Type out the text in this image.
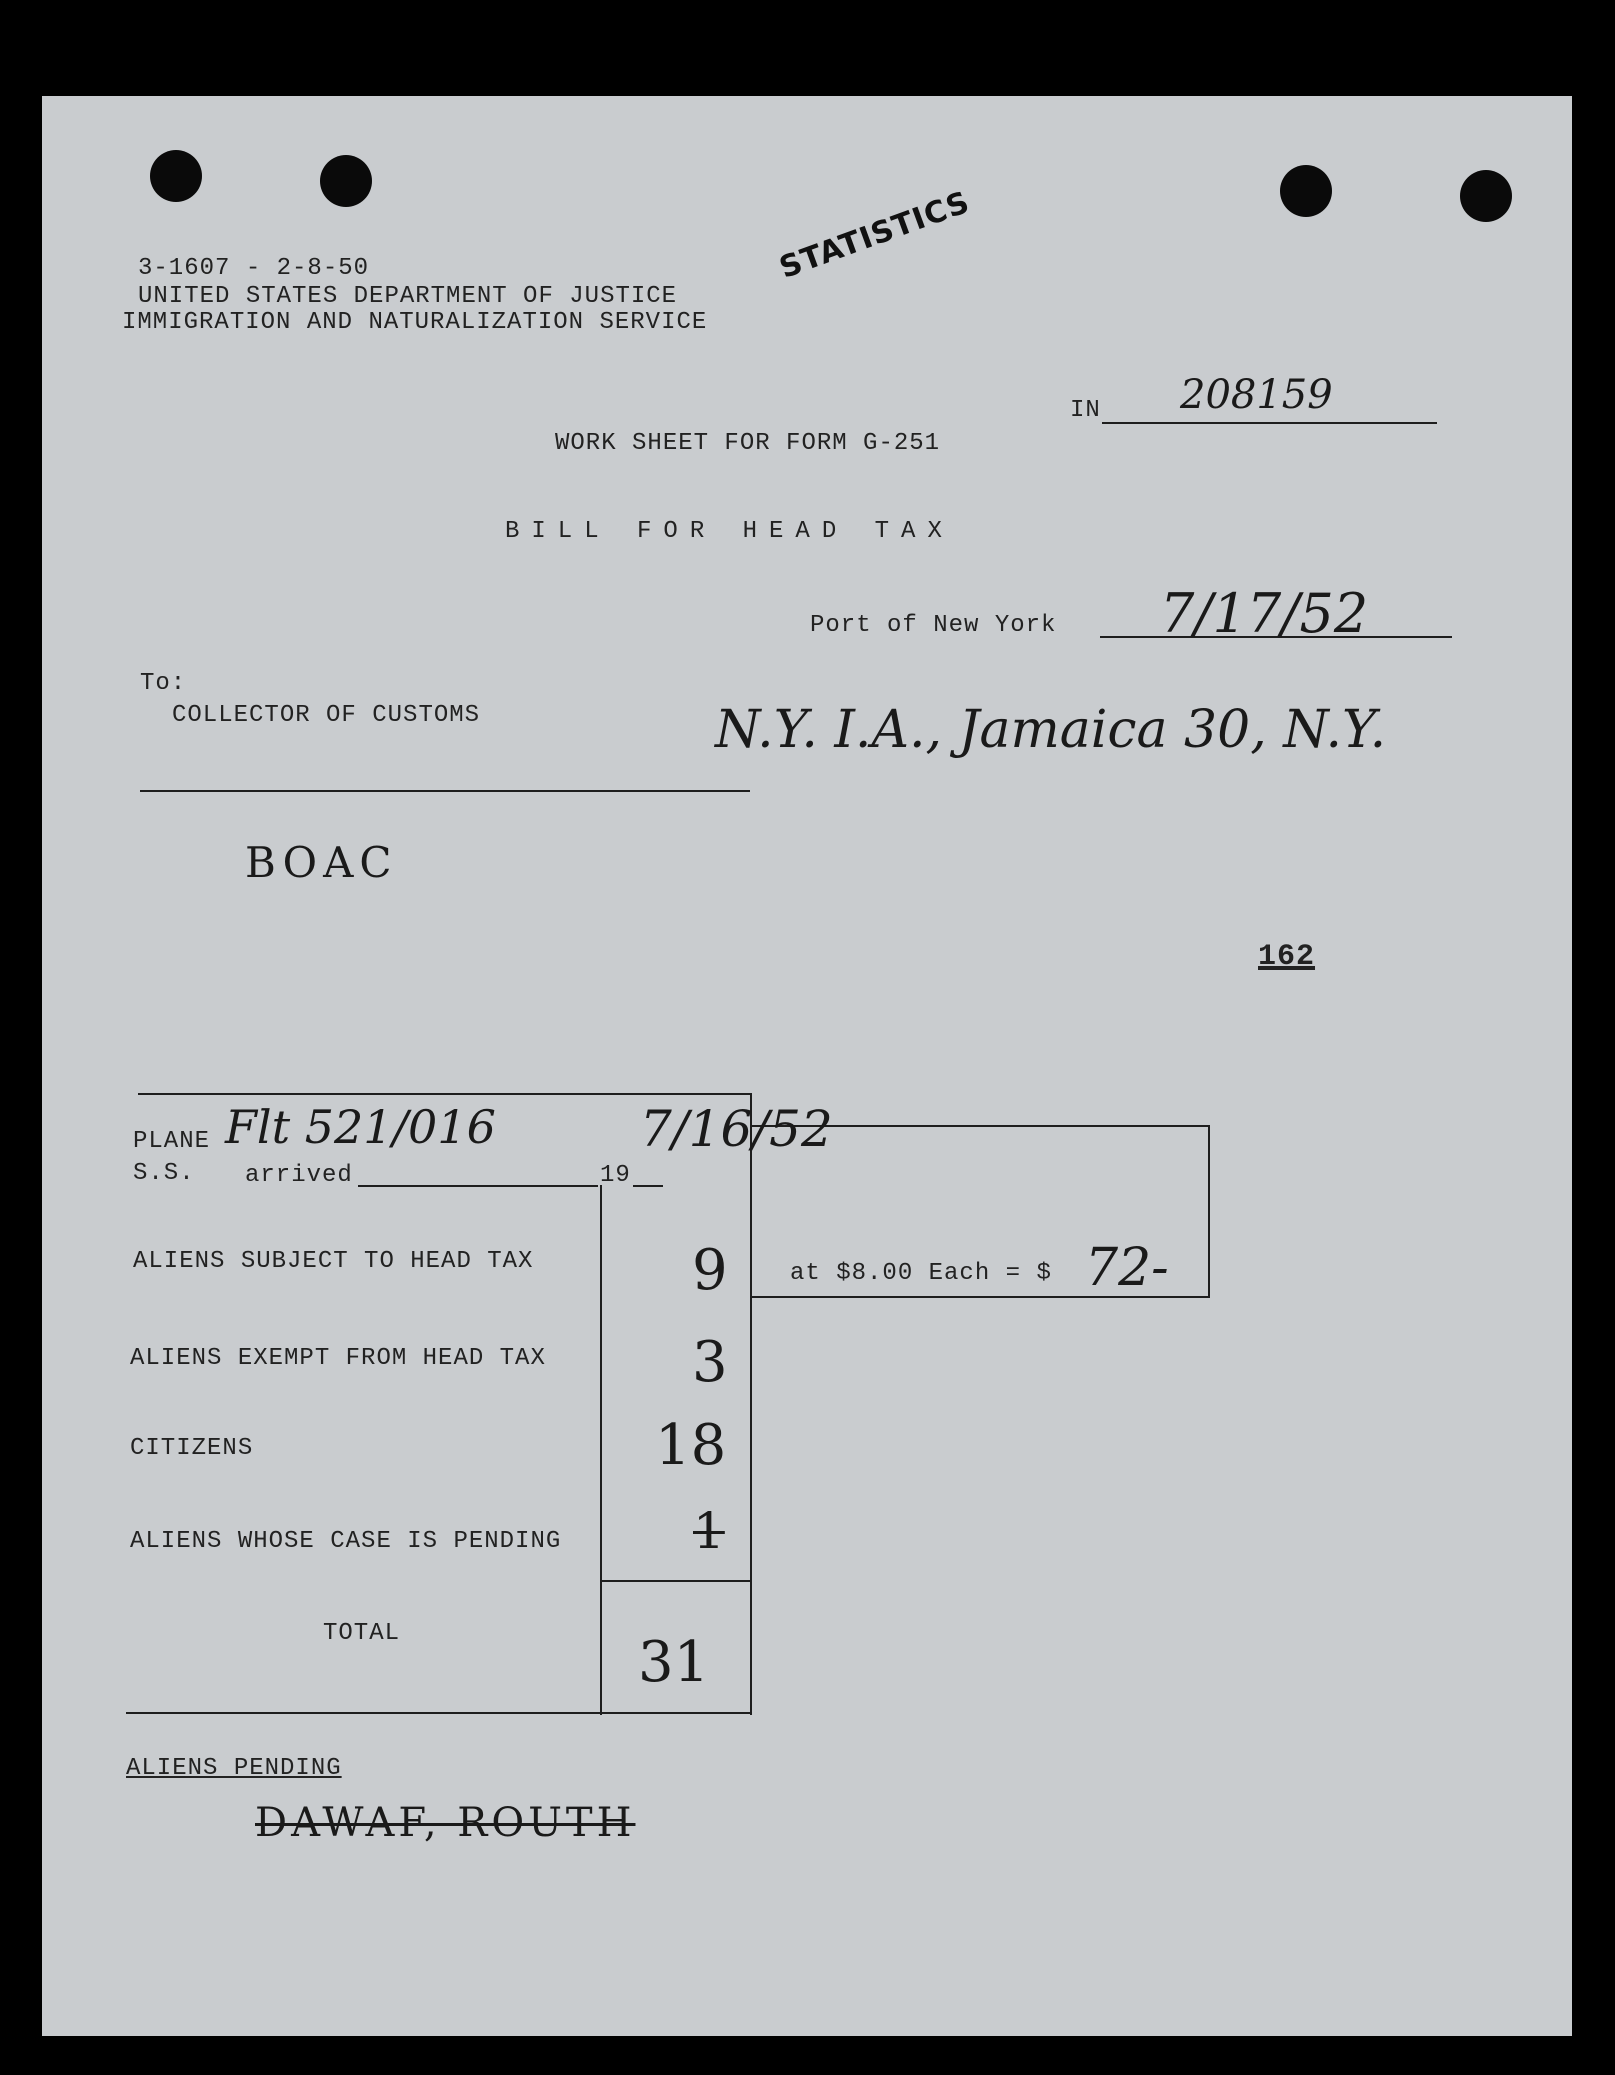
3-1607 - 2-8-50
UNITED STATES DEPARTMENT OF JUSTICE
IMMIGRATION AND NATURALIZATION SERVICE
STATISTICS
IN 208159
WORK SHEET FOR FORM G-251
BILL FOR HEAD TAX
Port of New York 7/17/52
To:
COLLECTOR OF CUSTOMS	N.Y. I.A., Jamaica 30, N.Y.
BOAC
162
PLANE
S.S. arrived	19
Flt 521/016	7/16/52
ALIENS SUBJECT TO HEAD TAX	9
ALIENS EXEMPT FROM HEAD TAX	3
CITIZENS	18
ALIENS WHOSE CASE IS PENDING	1
TOTAL	31
at $8.00 Each = $ 72-
ALIENS PENDING
DAWAF, ROUTH
